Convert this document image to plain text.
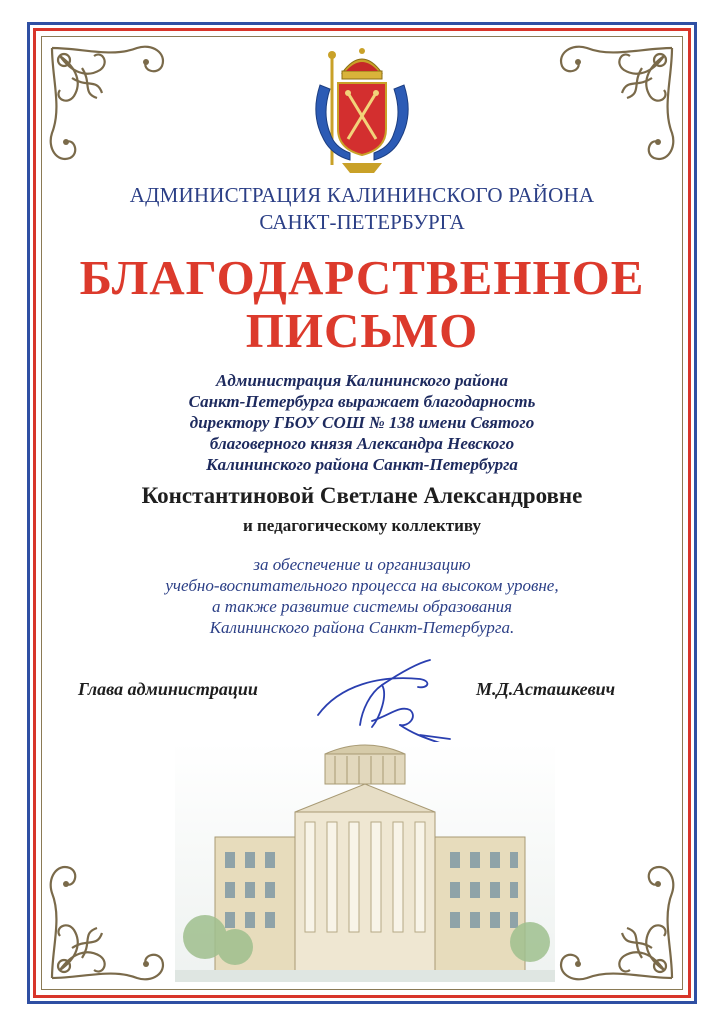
АДМИНИСТРАЦИЯ КАЛИНИНСКОГО РАЙОНА
САНКТ-ПЕТЕРБУРГА
БЛАГОДАРСТВЕННОЕ
ПИСЬМО
Администрация Калининского района
Санкт-Петербурга выражает благодарность
директору ГБОУ СОШ № 138 имени Святого
благоверного князя Александра Невского
Калининского района Санкт-Петербурга
Константиновой Светлане Александровне
и педагогическому коллективу
за обеспечение и организацию
учебно-воспитательного процесса на высоком уровне,
а также развитие системы образования
Калининского района Санкт-Петербурга.
Глава администрации	М.Д.Асташкевич
